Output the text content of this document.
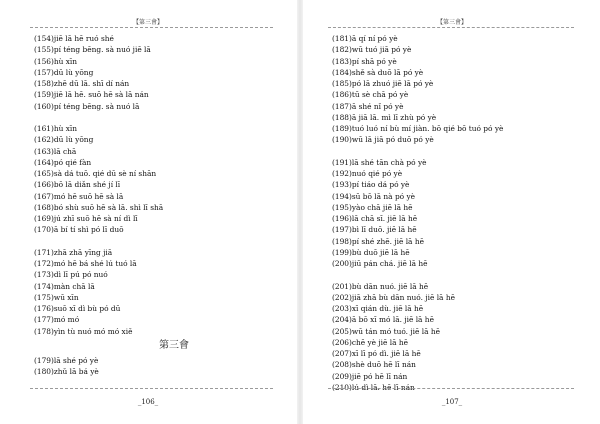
【第三會】
(154)jiē lā hē ruó shé
(155)pí téng bēng. sà nuó jiē lā
(156)hù xīn
(157)dū lù yōng
(158)zhē dū lā. shī dí nán
(159)jiē lā hē. suō hē sà lā nán
(160)pí téng bēng. sà nuó lā
(161)hù xīn
(162)dū lù yōng
(163)lā chā
(164)pó qié fàn
(165)sà dá tuō. qié dū sè ní shān
(166)bō lā diǎn shé jí lī
(167)mó hē suō hē sà lā
(168)bó shù suō hē sà lā. shì lī shā
(169)jú zhī suō hē sà ní dì lī
(170)ā bí tí shì pó lī duō
(171)zhā zhā yīng jiā
(172)mó hē bá shé lú tuó lā
(173)dì lī pú pó nuó
(174)màn chā lā
(175)wū xīn
(176)suō xī dì bù pó dū
(177)mó mó
(178)yìn tù nuó mó mó xiě
第三會
(179)lā shé pó yè
(180)zhǔ lā bá yè
_106_
【第三會】
(181)ā qí ní pó yè
(182)wū tuó jiā pó yè
(183)pí shā pó yè
(184)shě sà duō lā pó yè
(185)pó lā zhuó jiē lā pó yè
(186)tū sè chā pó yè
(187)ā shé nǐ pó yè
(188)ā jiā lā. mì lī zhù pó yè
(189)tuó luó ní bù mí jiàn. bō qié bō tuó pó yè
(190)wū lā jiā pó duō pó yè
(191)lā shé tān chà pó yè
(192)nuó qié pó yè
(193)pí tiáo dá pó yè
(194)sū bō lā nà pó yè
(195)yào chā jiē lā hē
(196)lā chā sī. jiē lā hē
(197)bì lī duō. jiē lā hē
(198)pí shé zhē. jiē lā hē
(199)bù duō jiē lā hē
(200)jiū pán chá. jiē lā hē
(201)bù dān nuó. jiē lā hē
(202)jiā zhā bù dān nuó. jiē lā hē
(203)xī qián dù. jiē lā hē
(204)ā bō xī mó lā. jiē lā hē
(205)wū tán mó tuó. jiē lā hē
(206)chē yè jiē lā hē
(207)xī lī pó dì. jiē lā hē
(208)shè duō hē lī nán
(209)jiē pó hē lī nán
(210)lú dì lā. hē lī nán
_107_
